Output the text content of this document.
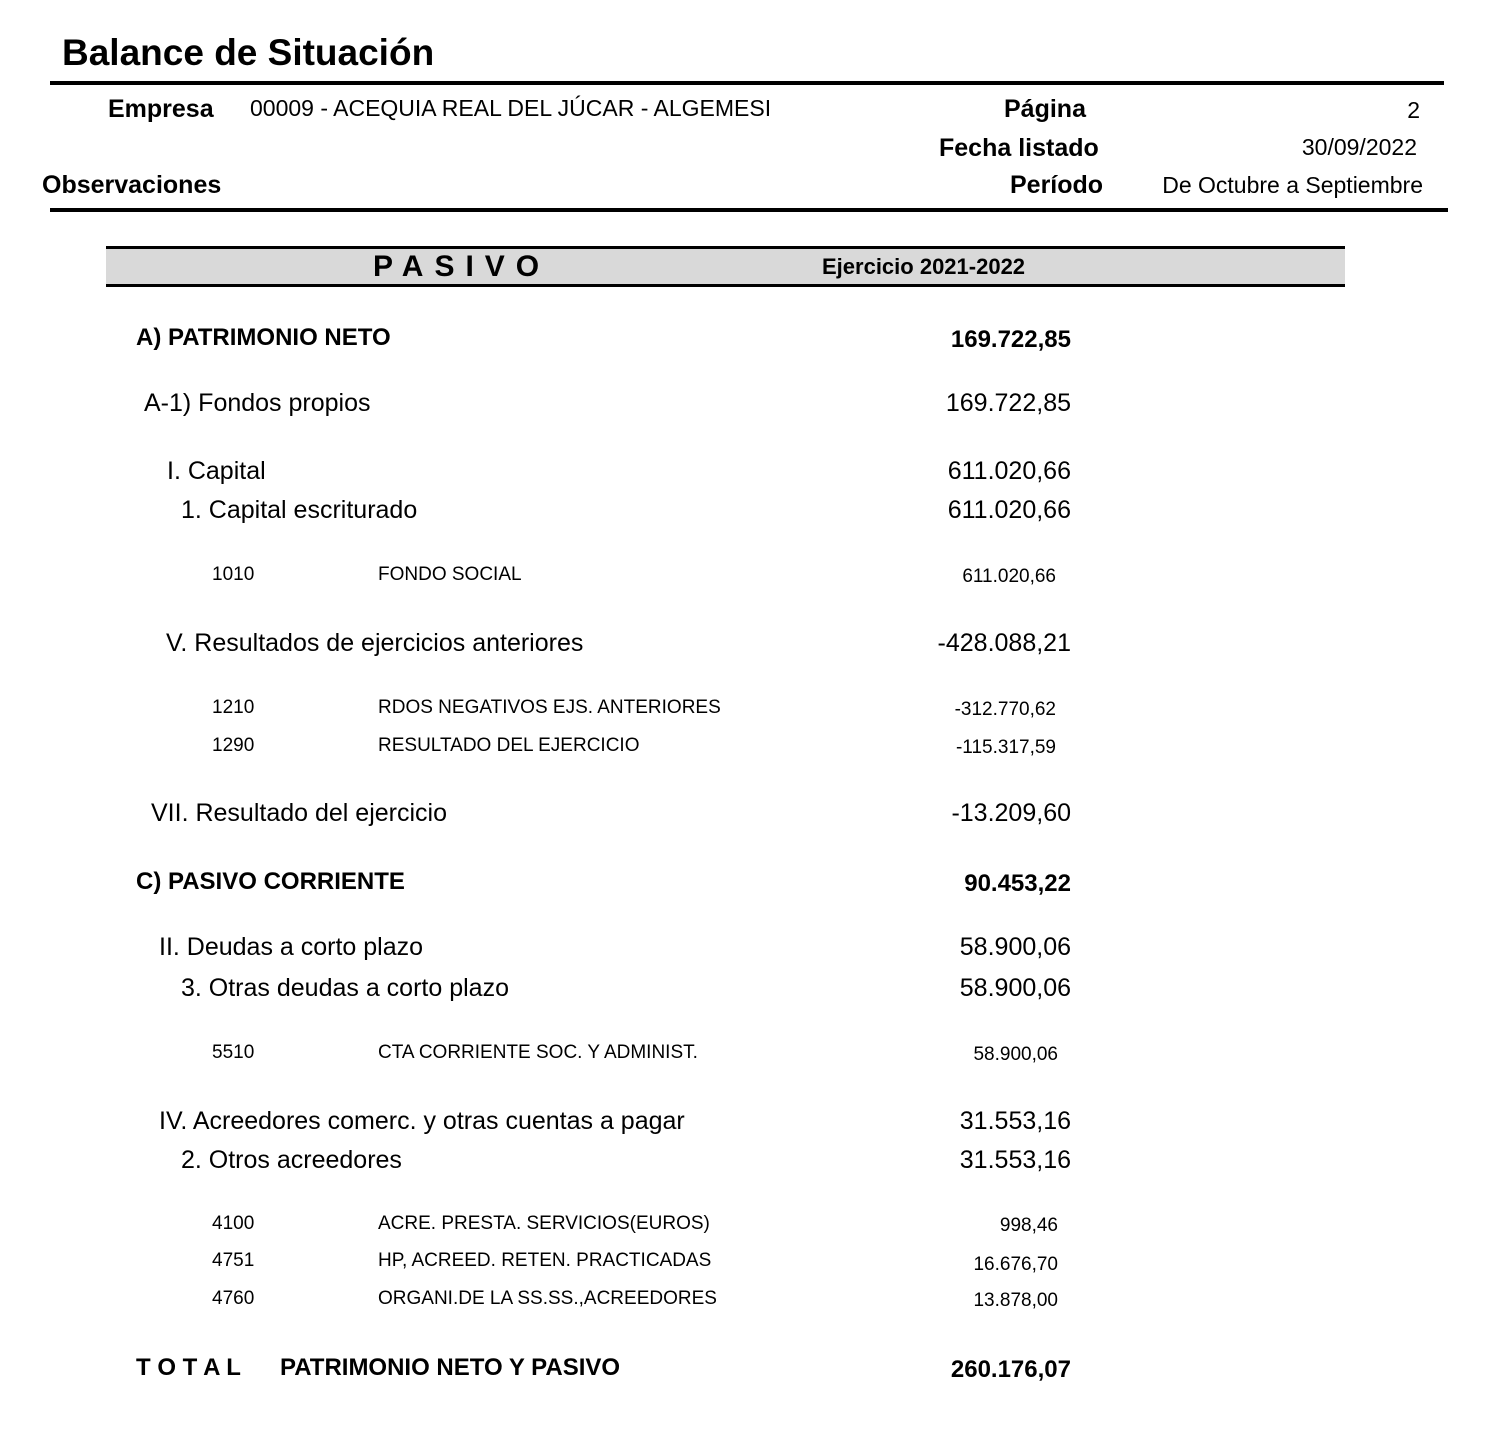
Balance de Situación
Empresa 00009 - ACEQUIA REAL DEL JÚCAR - ALGEMESI	Página	2
Fecha listado	30/09/2022
Observaciones	Período	De Octubre a Septiembre
PASIVO	Ejercicio 2021-2022
A) PATRIMONIO NETO	169.722,85
A-1) Fondos propios	169.722,85
I. Capital	611.020,66
1. Capital escriturado	611.020,66
1010	FONDO SOCIAL	611.020,66
V. Resultados de ejercicios anteriores	-428.088,21
1210	RDOS NEGATIVOS EJS. ANTERIORES	-312.770,62
1290	RESULTADO DEL EJERCICIO	-115.317,59
VII. Resultado del ejercicio	-13.209,60
C) PASIVO CORRIENTE	90.453,22
II. Deudas a corto plazo	58.900,06
3. Otras deudas a corto plazo	58.900,06
5510	CTA CORRIENTE SOC. Y ADMINIST.	58.900,06
IV. Acreedores comerc. y otras cuentas a pagar	31.553,16
2. Otros acreedores	31.553,16
4100	ACRE. PRESTA. SERVICIOS(EUROS)	998,46
4751	HP, ACREED. RETEN. PRACTICADAS	16.676,70
4760	ORGANI.DE LA SS.SS.,ACREEDORES	13.878,00
T O T A L PATRIMONIO NETO Y PASIVO	260.176,07
